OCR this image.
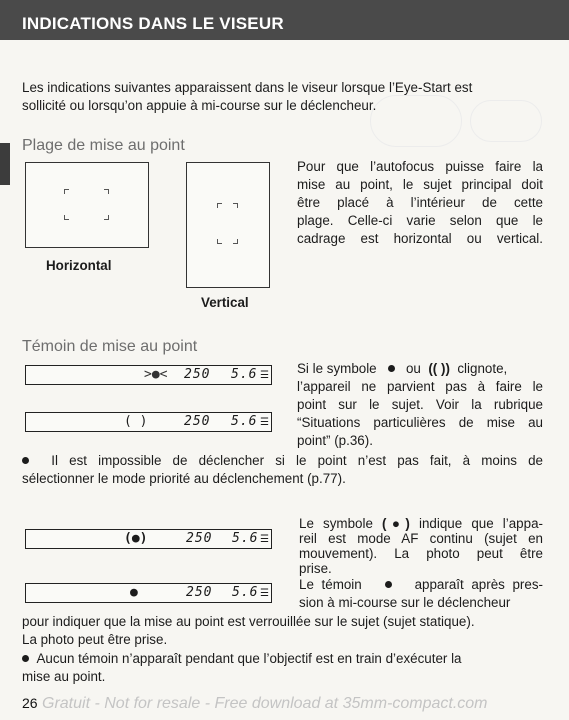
INDICATIONS DANS LE VISEUR

Les indications suivantes apparaissent dans le viseur lorsque l’Eye-Start est

sollicité ou lorsqu’on appuie à mi-course sur le déclencheur.

Plage de mise au point
Horizontal
Vertical

Pour que l’autofocus puisse faire la

mise au point, le sujet principal doit

être placé à l’intérieur de cette

plage. Celle-ci varie selon que le

cadrage est horizontal ou vertical.

Témoin de mise au point
>●< 250 5.6 ☰
( )	250 5.6 ☰

Si le symbole ou (( )) clignote,

l’appareil ne parvient pas à faire le

point sur le sujet. Voir la rubrique

“Situations particulières de mise au

point” (p.36).

Il est impossible de déclencher si le point n’est pas fait, à moins de

sélectionner le mode priorité au déclenchement (p.77).

(●)	250 5.6 ☰
●	250 5.6 ☰

Le symbole (●) indique que l’appa-

reil est mode AF continu (sujet en

mouvement). La photo peut être

prise.

Le témoin	apparaît après pres-

sion à mi-course sur le déclencheur

pour indiquer que la mise au point est verrouillée sur le sujet (sujet statique).

La photo peut être prise.

Aucun témoin n’apparaît pendant que l’objectif est en train d’exécuter la

mise au point.

26 Gratuit - Not for resale - Free download at 35mm-compact.com
